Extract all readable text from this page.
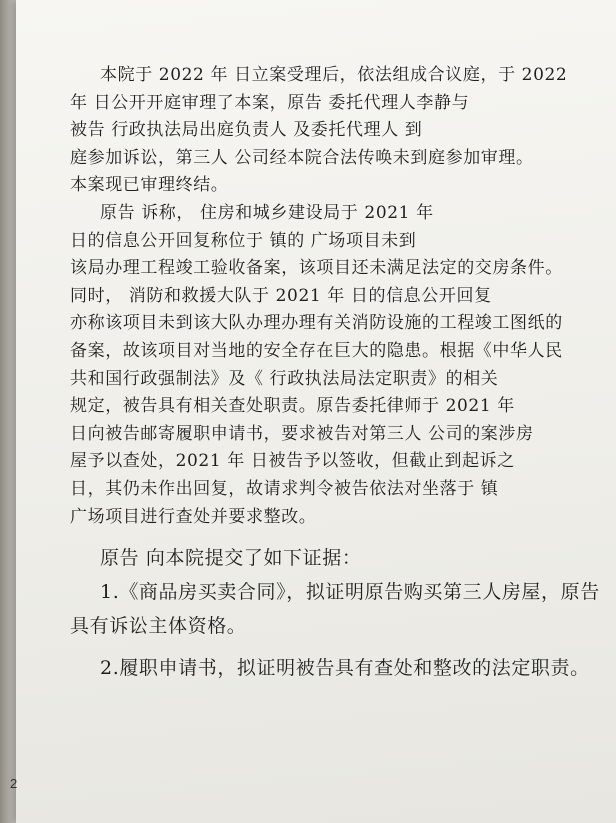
本院于 2022 年 日立案受理后，依法组成合议庭，于 2022
年 日公开开庭审理了本案，原告 委托代理人李静与
被告 行政执法局出庭负责人 及委托代理人 到
庭参加诉讼，第三人 公司经本院合法传唤未到庭参加审理。
本案现已审理终结。
原告 诉称， 住房和城乡建设局于 2021 年
日的信息公开回复称位于 镇的 广场项目未到
该局办理工程竣工验收备案，该项目还未满足法定的交房条件。
同时， 消防和救援大队于 2021 年 日的信息公开回复
亦称该项目未到该大队办理办理有关消防设施的工程竣工图纸的
备案，故该项目对当地的安全存在巨大的隐患。根据《中华人民
共和国行政强制法》及《 行政执法局法定职责》的相关
规定，被告具有相关查处职责。原告委托律师于 2021 年
日向被告邮寄履职申请书，要求被告对第三人 公司的案涉房
屋予以查处，2021 年 日被告予以签收，但截止到起诉之
日，其仍未作出回复，故请求判令被告依法对坐落于 镇
广场项目进行查处并要求整改。
原告 向本院提交了如下证据：
1.《商品房买卖合同》，拟证明原告购买第三人房屋，原告
具有诉讼主体资格。
2.履职申请书，拟证明被告具有查处和整改的法定职责。
2
